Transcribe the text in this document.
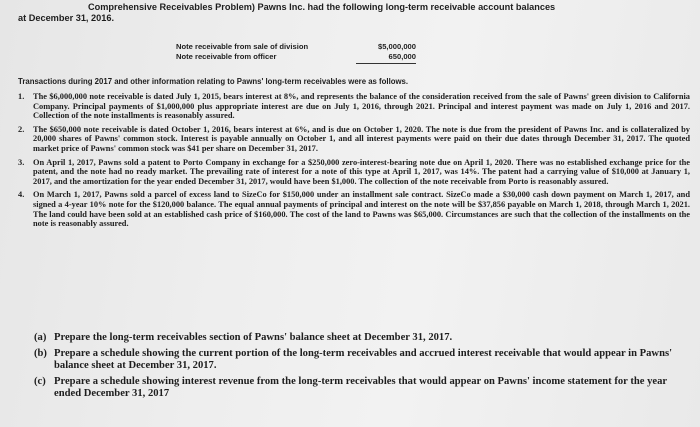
Comprehensive Receivables Problem) Pawns Inc. had the following long-term receivable account balances
at December 31, 2016.
Note receivable from sale of division	$5,000,000
Note receivable from officer	650,000
Transactions during 2017 and other information relating to Pawns' long-term receivables were as follows.
1.	The $6,000,000 note receivable is dated July 1, 2015, bears interest at 8%, and represents the balance of the consideration received from the sale of Pawns' green division to California Company. Principal payments of $1,000,000 plus appropriate interest are due on July 1, 2016, through 2021. Principal and interest payment was made on July 1, 2016 and 2017. Collection of the note installments is reasonably assured.
2.	The $650,000 note receivable is dated October 1, 2016, bears interest at 6%, and is due on October 1, 2020. The note is due from the president of Pawns Inc. and is collateralized by 20,000 shares of Pawns' common stock. Interest is payable annually on October 1, and all interest payments were paid on their due dates through December 31, 2017. The quoted market price of Pawns' common stock was $41 per share on December 31, 2017.
3.	On April 1, 2017, Pawns sold a patent to Porto Company in exchange for a $250,000 zero-interest-bearing note due on April 1, 2020. There was no established exchange price for the patent, and the note had no ready market. The prevailing rate of interest for a note of this type at April 1, 2017, was 14%. The patent had a carrying value of $10,000 at January 1, 2017, and the amortization for the year ended December 31, 2017, would have been $1,000. The collection of the note receivable from Porto is reasonably assured.
4.	On March 1, 2017, Pawns sold a parcel of excess land to SizeCo for $150,000 under an installment sale contract. SizeCo made a $30,000 cash down payment on March 1, 2017, and signed a 4-year 10% note for the $120,000 balance. The equal annual payments of principal and interest on the note will be $37,856 payable on March 1, 2018, through March 1, 2021. The land could have been sold at an established cash price of $160,000. The cost of the land to Pawns was $65,000. Circumstances are such that the collection of the installments on the note is reasonably assured.
(a) Prepare the long-term receivables section of Pawns' balance sheet at December 31, 2017.
(b) Prepare a schedule showing the current portion of the long-term receivables and accrued interest receivable that would appear in Pawns' balance sheet at December 31, 2017.
(c) Prepare a schedule showing interest revenue from the long-term receivables that would appear on Pawns' income statement for the year ended December 31, 2017
